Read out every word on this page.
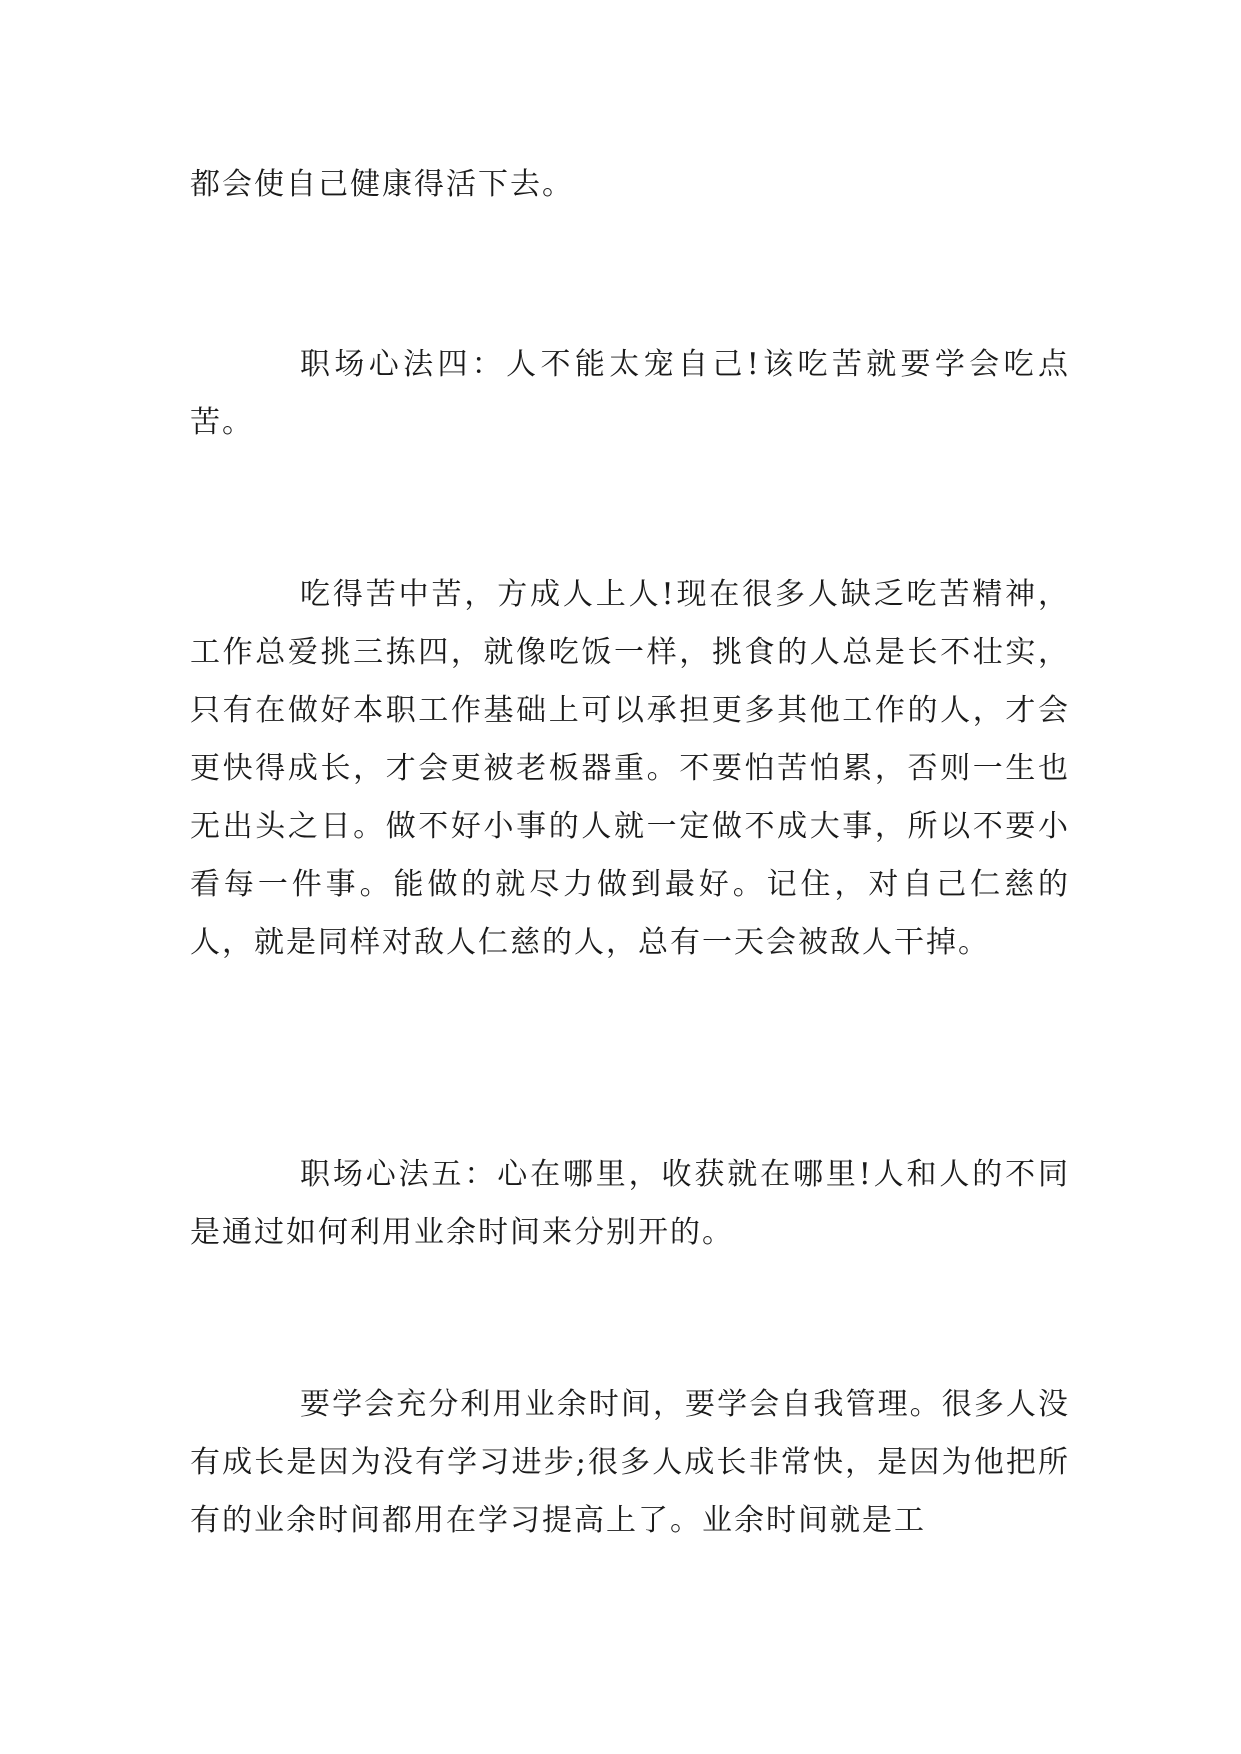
都会使自己健康得活下去。

职场心法四：人不能太宠自己!该吃苦就要学会吃点苦。

吃得苦中苦，方成人上人!现在很多人缺乏吃苦精神，工作总爱挑三拣四，就像吃饭一样，挑食的人总是长不壮实，只有在做好本职工作基础上可以承担更多其他工作的人，才会更快得成长，才会更被老板器重。不要怕苦怕累，否则一生也无出头之日。做不好小事的人就一定做不成大事，所以不要小看每一件事。能做的就尽力做到最好。记住，对自己仁慈的人，就是同样对敌人仁慈的人，总有一天会被敌人干掉。

职场心法五：心在哪里，收获就在哪里!人和人的不同是通过如何利用业余时间来分别开的。

要学会充分利用业余时间，要学会自我管理。很多人没有成长是因为没有学习进步;很多人成长非常快，是因为他把所有的业余时间都用在学习提高上了。业余时间就是工
